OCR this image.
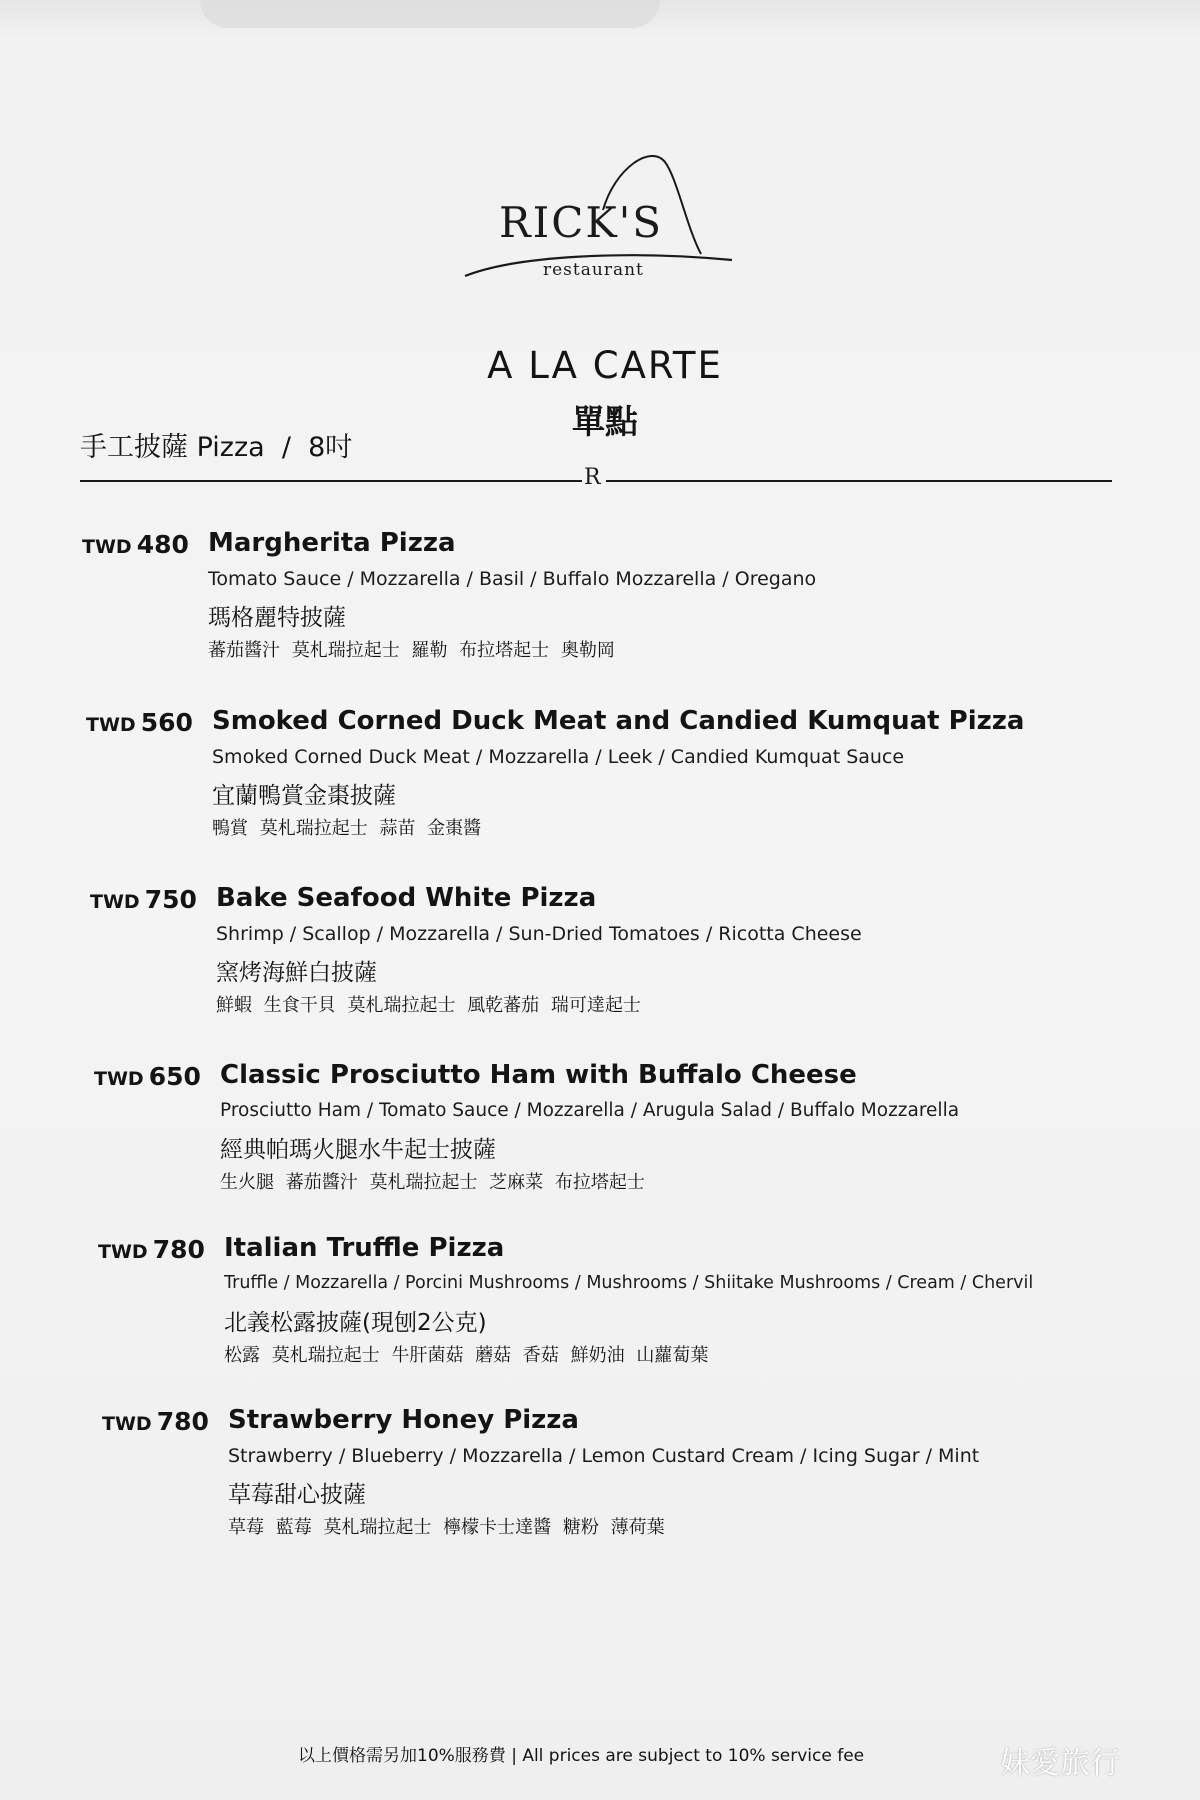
RICK'S
restaurant
A LA CARTE
單點
手工披薩 Pizza  /  8吋
R
TWD 480 Margherita Pizza
Tomato Sauce / Mozzarella / Basil / Buffalo Mozzarella / Oregano
瑪格麗特披薩
蕃茄醬汁 莫札瑞拉起士 羅勒 布拉塔起士 奧勒岡
TWD 560 Smoked Corned Duck Meat and Candied Kumquat Pizza
Smoked Corned Duck Meat / Mozzarella / Leek / Candied Kumquat Sauce
宜蘭鴨賞金棗披薩
鴨賞 莫札瑞拉起士 蒜苗 金棗醬
TWD 750 Bake Seafood White Pizza
Shrimp / Scallop / Mozzarella / Sun-Dried Tomatoes / Ricotta Cheese
窯烤海鮮白披薩
鮮蝦 生食干貝 莫札瑞拉起士 風乾蕃茄 瑞可達起士
TWD 650 Classic Prosciutto Ham with Buffalo Cheese
Prosciutto Ham / Tomato Sauce / Mozzarella / Arugula Salad / Buffalo Mozzarella
經典帕瑪火腿水牛起士披薩
生火腿 蕃茄醬汁 莫札瑞拉起士 芝麻菜 布拉塔起士
TWD 780 Italian Truffle Pizza
Truffle / Mozzarella / Porcini Mushrooms / Mushrooms / Shiitake Mushrooms / Cream / Chervil
北義松露披薩(現刨2公克)
松露 莫札瑞拉起士 牛肝菌菇 蘑菇 香菇 鮮奶油 山蘿蔔葉
TWD 780 Strawberry Honey Pizza
Strawberry / Blueberry / Mozzarella / Lemon Custard Cream / Icing Sugar / Mint
草莓甜心披薩
草莓 藍莓 莫札瑞拉起士 檸檬卡士達醬 糖粉 薄荷葉
以上價格需另加10%服務費 | All prices are subject to 10% service fee	妹愛旅行
